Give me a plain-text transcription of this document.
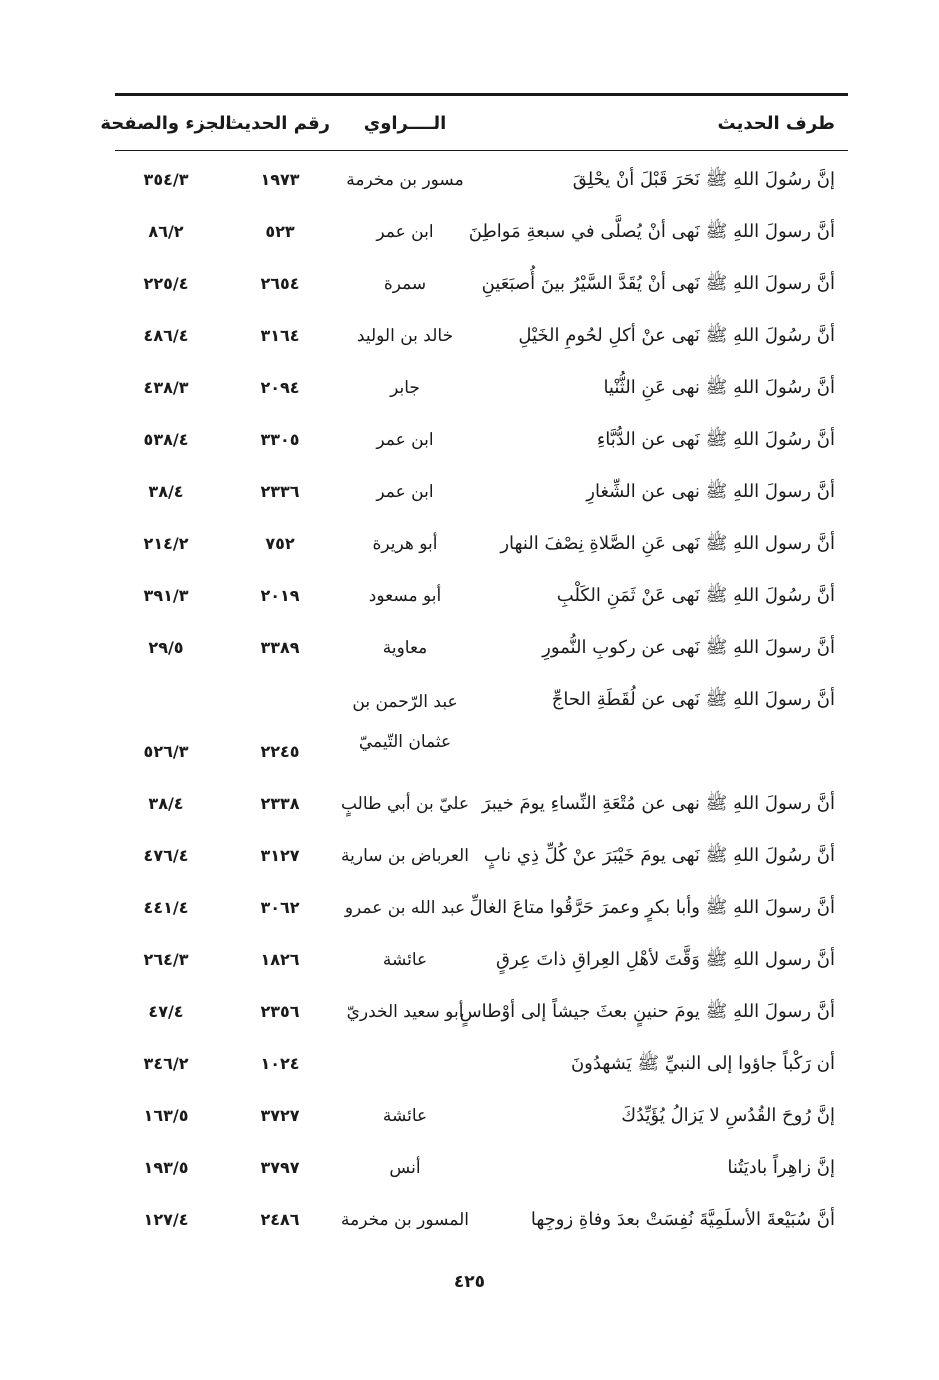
طرف الحديث
الــــراوي
رقم الحديث
الجزء والصفحة
إنَّ رسُولَ اللهِ ﷺ نَحَرَ قَبْلَ أنْ يحْلِقَ
مسور بن مخرمة
١٩٧٣
٣٥٤/٣
أنَّ رسولَ اللهِ ﷺ نَهى أنْ يُصلَّى في سبعةِ مَواطِنَ
ابن عمر
٥٢٣
٨٦/٢
أنَّ رسولَ اللهِ ﷺ نَهى أنْ يُقَدَّ السَّيْرُ بينَ أُصبَعَينِ
سمرة
٢٦٥٤
٢٢٥/٤
أنَّ رسُولَ اللهِ ﷺ نَهى عنْ أكلِ لحُومِ الخَيْلِ
خالد بن الوليد
٣١٦٤
٤٨٦/٤
أنَّ رسُولَ اللهِ ﷺ نهى عَنِ الثُّنْيا
جابر
٢٠٩٤
٤٣٨/٣
أنَّ رسُولَ اللهِ ﷺ نَهى عن الدُّبَّاءِ
ابن عمر
٣٣٠٥
٥٣٨/٤
أنَّ رسولَ اللهِ ﷺ نهى عن الشِّغارِ
ابن عمر
٢٣٣٦
٣٨/٤
أنَّ رسول اللهِ ﷺ نَهى عَنِ الصَّلاةِ نِصْفَ النهار
أبو هريرة
٧٥٢
٢١٤/٢
أنَّ رسُولَ اللهِ ﷺ نَهى عَنْ ثَمَنِ الكَلْبِ
أبو مسعود
٢٠١٩
٣٩١/٣
أنَّ رسولَ اللهِ ﷺ نَهى عن ركوبِ النُّمورِ
معاوية
٣٣٨٩
٢٩/٥
أنَّ رسولَ اللهِ ﷺ نَهى عن لُقَطَةِ الحاجِّ
عبد الرّحمن بن
عثمان التّيميّ
٢٢٤٥
٥٢٦/٣
أنَّ رسولَ اللهِ ﷺ نهى عن مُتْعَةِ النِّساءِ يومَ خيبرَ
عليّ بن أبي طالبٍ
٢٣٣٨
٣٨/٤
أنَّ رسُولَ اللهِ ﷺ نَهى يومَ خَيْبَرَ عنْ كُلِّ ذِي نابٍ
العرباض بن سارية
٣١٢٧
٤٧٦/٤
أنَّ رسولَ اللهِ ﷺ وأبا بكرٍ وعمرَ حَرَّقُوا متاعَ الغالِّ
عبد الله بن عمرو
٣٠٦٢
٤٤١/٤
أنَّ رسول اللهِ ﷺ وَقَّتَ لأهْلِ العِراقِ ذاتَ عِرقٍ
عائشة
١٨٢٦
٢٦٤/٣
أنَّ رسولَ اللهِ ﷺ يومَ حنينٍ بعثَ جيشاً إلى أوْطاسٍ
أبو سعيد الخدريّ
٢٣٥٦
٤٧/٤
أن رَكْباً جاؤوا إلى النبيِّ ﷺ يَشهدُونَ
١٠٢٤
٣٤٦/٢
إنَّ رُوحَ القُدُسِ لا يَزالُ يُؤَيِّدُكَ
عائشة
٣٧٢٧
١٦٣/٥
إنَّ زاهِراً باديَتُنا
أنس
٣٧٩٧
١٩٣/٥
أنَّ سُبَيْعةَ الأسلَمِيَّةَ نُفِسَتْ بعدَ وفاةِ زوجِها
المسور بن مخرمة
٢٤٨٦
١٢٧/٤
٤٢٥
